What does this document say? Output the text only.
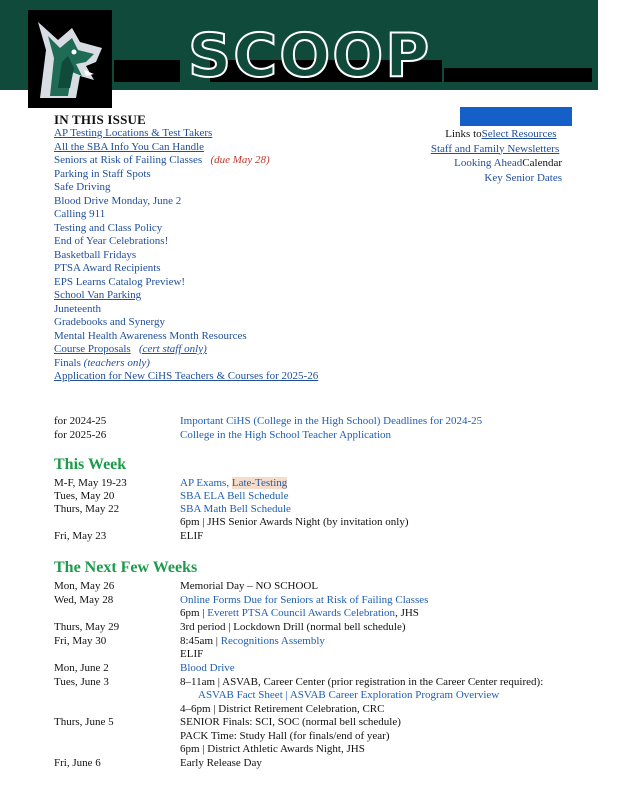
SCOOP
IN THIS ISSUE
AP Testing Locations & Test Takers
All the SBA Info You Can Handle
Seniors at Risk of Failing Classes (due May 28)
Parking in Staff Spots
Safe Driving
Blood Drive Monday, June 2
Calling 911
Testing and Class Policy
End of Year Celebrations!
Basketball Fridays
PTSA Award Recipients
EPS Learns Catalog Preview!
School Van Parking
Juneteenth
Gradebooks and Synergy
Mental Health Awareness Month Resources
Course Proposals (cert staff only)
Finals (teachers only)
Application for New CiHS Teachers & Courses for 2025-26
Links toSelect Resources
Staff and Family Newsletters
Looking AheadCalendar
Key Senior Dates
for 2024-25	Important CiHS (College in the High School) Deadlines for 2024-25
for 2025-26	College in the High School Teacher Application
This Week
M-F, May 19-23	AP Exams, Late-Testing
Tues, May 20	SBA ELA Bell Schedule
Thurs, May 22	SBA Math Bell Schedule
6pm | JHS Senior Awards Night (by invitation only)
Fri, May 23	ELIF
The Next Few Weeks
Mon, May 26	Memorial Day – NO SCHOOL
Wed, May 28	Online Forms Due for Seniors at Risk of Failing Classes
6pm | Everett PTSA Council Awards Celebration, JHS
Thurs, May 29	3rd period | Lockdown Drill (normal bell schedule)
Fri, May 30	8:45am | Recognitions Assembly
ELIF
Mon, June 2	Blood Drive
Tues, June 3	8–11am | ASVAB, Career Center (prior registration in the Career Center required):
ASVAB Fact Sheet | ASVAB Career Exploration Program Overview
4–6pm | District Retirement Celebration, CRC
Thurs, June 5	SENIOR Finals: SCI, SOC (normal bell schedule)
PACK Time: Study Hall (for finals/end of year)
6pm | District Athletic Awards Night, JHS
Fri, June 6	Early Release Day
